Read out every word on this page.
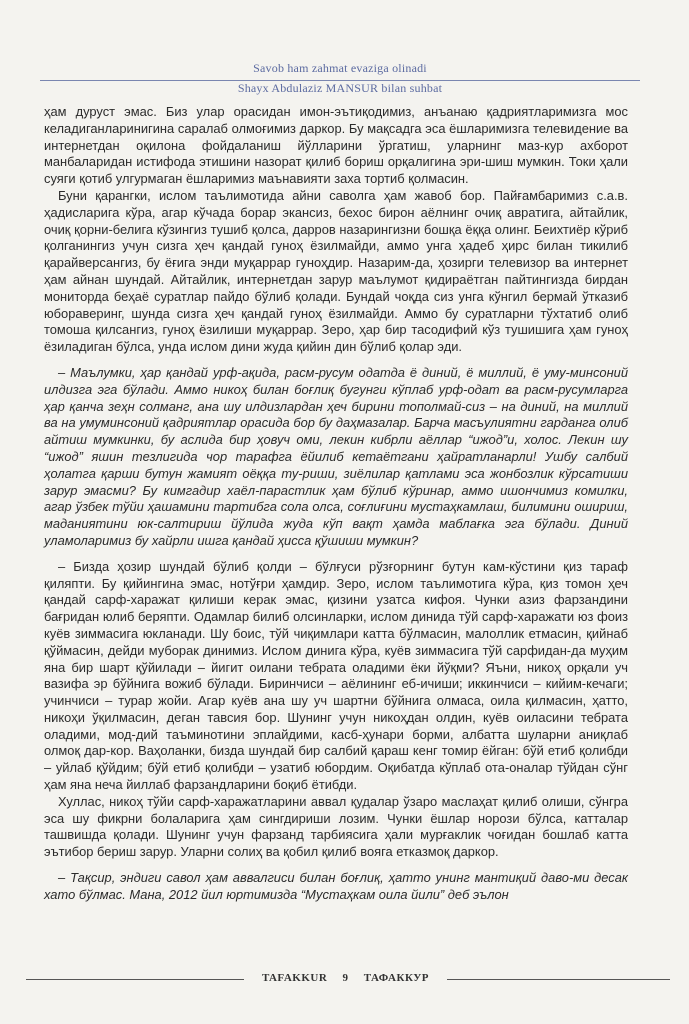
Savob ham zahmat evaziga olinadi
Shayx Abdulaziz MANSUR bilan suhbat

ҳам дуруст эмас. Биз улар орасидан имон-эътиқодимиз, анъанаю қадриятларимизга мос келадиганларинигина саралаб олмоғимиз даркор. Бу мақсадга эса ёшларимизга телевидение ва интернетдан оқилона фойдаланиш йўлларини ўргатиш, уларнинг маз-кур ахборот манбаларидан истифода этишини назорат қилиб бориш орқалигина эри-шиш мумкин. Токи ҳали суяги қотиб улгурмаган ёшларимиз маънавияти заха тортиб қолмасин.

Буни қарангки, ислом таълимотида айни саволга ҳам жавоб бор. Пайғамбаримиз с.а.в. ҳадисларига кўра, агар кўчада борар экансиз, бехос бирон аёлнинг очиқ авратига, айтайлик, очиқ қорни-белига кўзингиз тушиб қолса, дарров назарингизни бошқа ёққа олинг. Беихтиёр кўриб қолганингиз учун сизга ҳеч қандай гуноҳ ёзилмайди, аммо унга ҳадеб ҳирс билан тикилиб қарайверсангиз, бу ёғига энди муқаррар гуноҳдир. Назарим-да, ҳозирги телевизор ва интернет ҳам айнан шундай. Айтайлик, интернетдан зарур маълумот қидираётган пайтингизда бирдан мониторда беҳаё суратлар пайдо бўлиб қолади. Бундай чоқда сиз унга кўнгил бермай ўтказиб юбораверинг, шунда сизга ҳеч қандай гуноҳ ёзилмайди. Аммо бу суратларни тўхтатиб олиб томоша қилсангиз, гуноҳ ёзилиши муқаррар. Зеро, ҳар бир тасодифий кўз тушишига ҳам гуноҳ ёзиладиган бўлса, унда ислом дини жуда қийин дин бўлиб қолар эди.

– Маълумки, ҳар қандай урф-ақида, расм-русум одатда ё диний, ё миллий, ё уму-минсоний илдизга эга бўлади. Аммо никоҳ билан боғлиқ бугунги кўплаб урф-одат ва расм-русумларга ҳар қанча зеҳн солманг, ана шу илдизлардан ҳеч бирини тополмай-сиз – на диний, на миллий ва на умуминсоний қадриятлар орасида бор бу даҳмазалар. Барча масъулиятни гарданга олиб айтиш мумкинки, бу аслида бир ҳовуч оми, лекин кибрли аёллар “ижод”и, холос. Лекин шу “ижод” яшин тезлигида чор тарафга ёйилиб кетаётгани ҳайратланарли! Ушбу салбий ҳолатга қарши бутун жамият оёққа ту-риши, зиёлилар қатлами эса жонбозлик кўрсатиши зарур эмасми? Бу кимгадир хаёл-парастлик ҳам бўлиб кўринар, аммо ишончимиз комилки, агар ўзбек тўйи ҳашамини тартибга сола олса, соғлиғини мустаҳкамлаш, билимини ошириш, маданиятини юк-салтириш йўлида жуда кўп вақт ҳамда маблағка эга бўлади. Диний уламоларимиз бу хайрли ишга қандай ҳисса қўшиши мумкин?

– Бизда ҳозир шундай бўлиб қолди – бўлғуси рўзғорнинг бутун кам-кўстини қиз тараф қиляпти. Бу қийингина эмас, нотўғри ҳамдир. Зеро, ислом таълимотига кўра, қиз томон ҳеч қандай сарф-харажат қилиши керак эмас, қизини узатса кифоя. Чунки азиз фарзандини бағридан юлиб беряпти. Одамлар билиб олсинларки, ислом динида тўй сарф-харажати юз фоиз куёв зиммасига юкланади. Шу боис, тўй чиқимлари катта бўлмасин, малоллик етмасин, қийнаб қўймасин, дейди муборак динимиз. Ислом динига кўра, куёв зиммасига тўй сарфидан-да муҳим яна бир шарт қўйилади – йигит оилани тебрата оладими ёки йўқми? Яъни, никоҳ орқали уч вазифа эр бўйнига вожиб бўлади. Биринчиси – аёлининг еб-ичиши; иккинчиси – кийим-кечаги; учинчиси – турар жойи. Агар куёв ана шу уч шартни бўйнига олмаса, оила қилмасин, ҳатто, никоҳи ўқилмасин, деган тавсия бор. Шунинг учун никоҳдан олдин, куёв оиласини тебрата оладими, мод-дий таъминотини эплайдими, касб-ҳунари борми, албатта шуларни аниқлаб олмоқ дар-кор. Ваҳоланки, бизда шундай бир салбий қараш кенг томир ёйган: бўй етиб қолибди – уйлаб қўйдим; бўй етиб қолибди – узатиб юбордим. Оқибатда кўплаб ота-оналар тўйдан сўнг ҳам яна неча йиллаб фарзандларини боқиб ётибди.

Хуллас, никоҳ тўйи сарф-харажатларини аввал қудалар ўзаро маслаҳат қилиб олиши, сўнгра эса шу фикрни болаларига ҳам сингдириши лозим. Чунки ёшлар норози бўлса, катталар ташвишда қолади. Шунинг учун фарзанд тарбиясига ҳали мурғаклик чоғидан бошлаб катта эътибор бериш зарур. Уларни солиҳ ва қобил қилиб вояга етказмоқ даркор.

– Тақсир, эндиги савол ҳам аввалгиси билан боғлиқ, ҳатто унинг мантиқий даво-ми десак хато бўлмас. Мана, 2012 йил юртимизда “Мустаҳкам оила йили” деб эълон

TAFAKKUR 9 ТАФАККУР
